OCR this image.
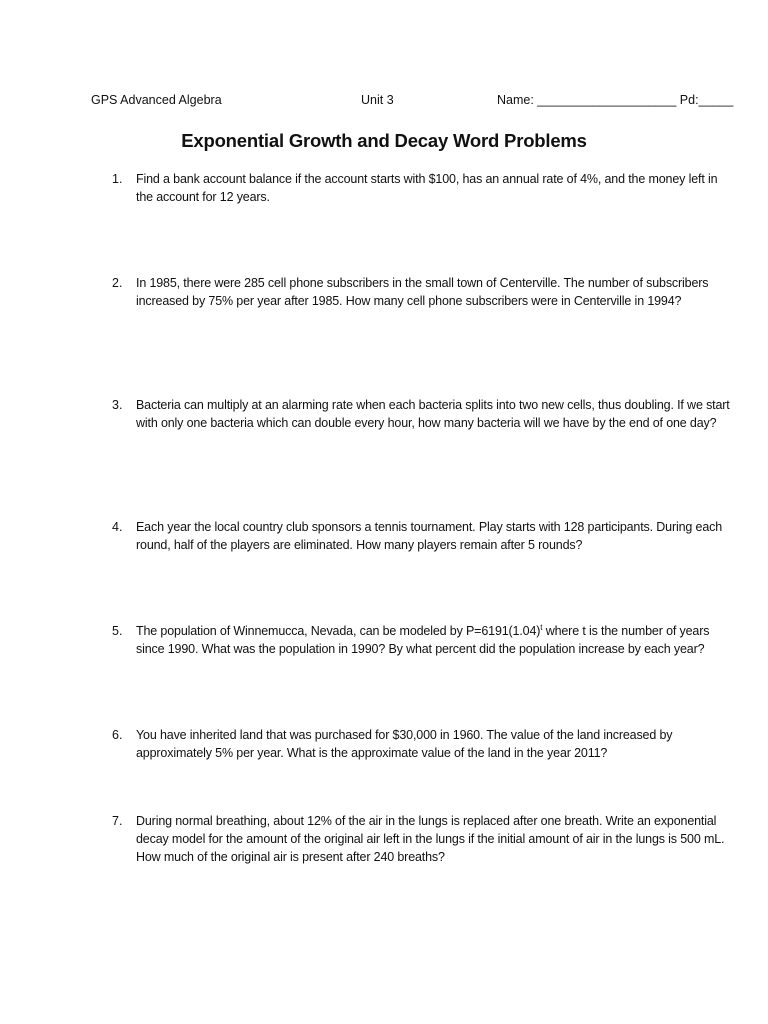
GPS Advanced Algebra	Unit 3	Name: ____________________ Pd:_____
Exponential Growth and Decay Word Problems
1. Find a bank account balance if the account starts with $100, has an annual rate of 4%, and the money left in the account for 12 years.
2. In 1985, there were 285 cell phone subscribers in the small town of Centerville. The number of subscribers increased by 75% per year after 1985. How many cell phone subscribers were in Centerville in 1994?
3. Bacteria can multiply at an alarming rate when each bacteria splits into two new cells, thus doubling. If we start with only one bacteria which can double every hour, how many bacteria will we have by the end of one day?
4. Each year the local country club sponsors a tennis tournament. Play starts with 128 participants. During each round, half of the players are eliminated. How many players remain after 5 rounds?
5. The population of Winnemucca, Nevada, can be modeled by $P=6191(1.04)^t$ where t is the number of years since 1990. What was the population in 1990? By what percent did the population increase by each year?
6. You have inherited land that was purchased for $30,000 in 1960. The value of the land increased by approximately 5% per year. What is the approximate value of the land in the year 2011?
7. During normal breathing, about 12% of the air in the lungs is replaced after one breath. Write an exponential decay model for the amount of the original air left in the lungs if the initial amount of air in the lungs is 500 mL. How much of the original air is present after 240 breaths?
